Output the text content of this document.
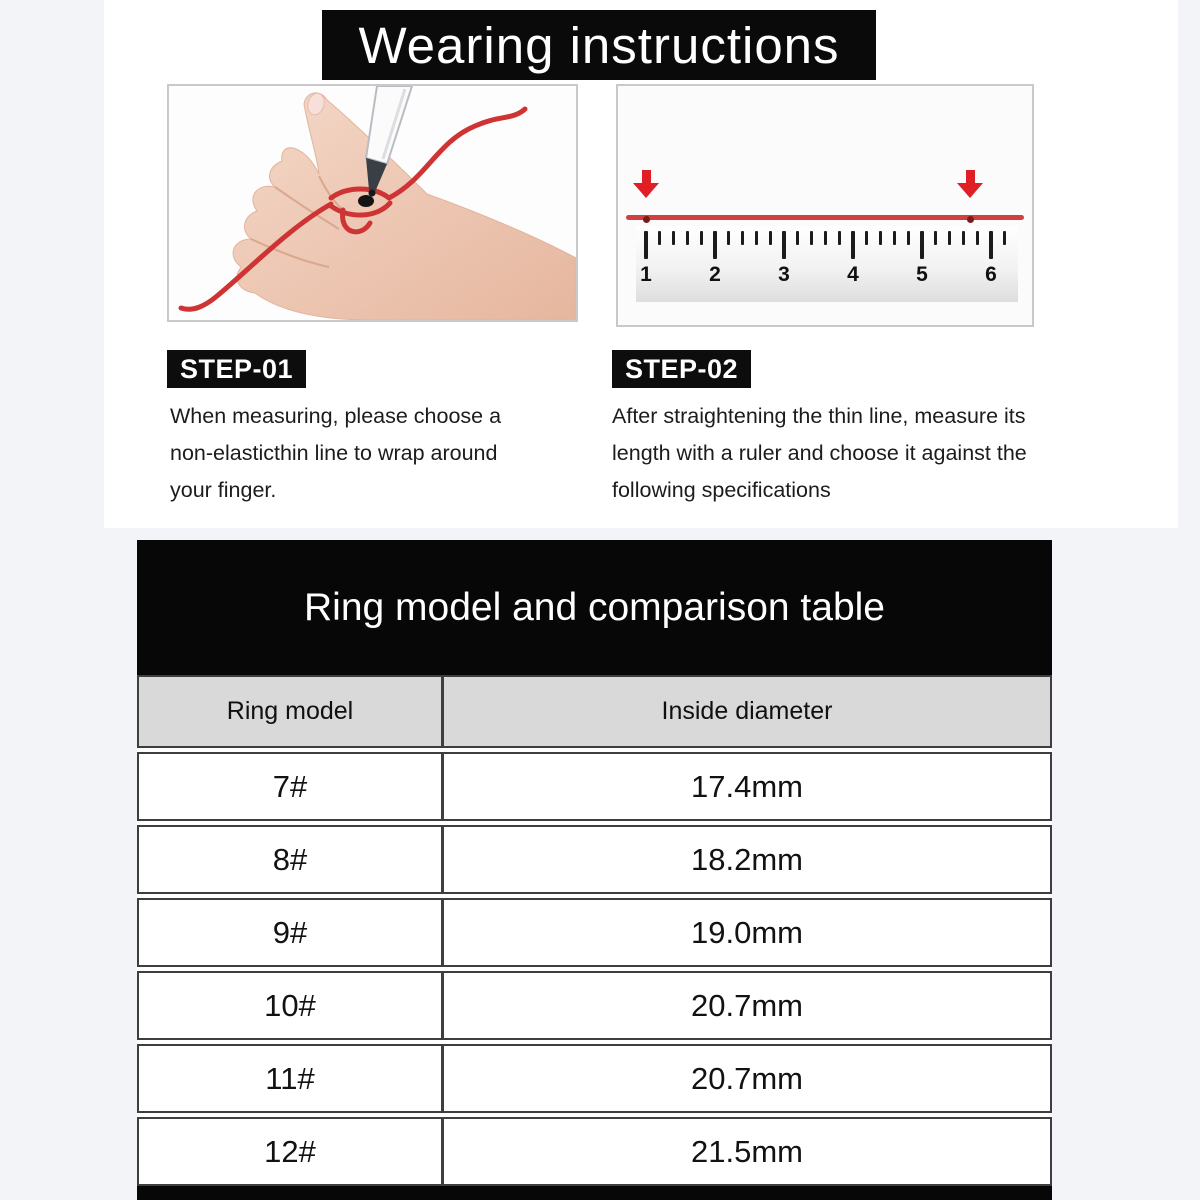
Wearing instructions
1	2	3	4	5	6
STEP-01
When measuring, please choose a non-elasticthin line to wrap around your finger.
STEP-02
After straightening the thin line, measure its length with a ruler and choose it against the following specifications
Ring model and comparison table
Ring model	Inside diameter
7#	17.4mm
8#	18.2mm
9#	19.0mm
10#	20.7mm
11#	20.7mm
12#	21.5mm
